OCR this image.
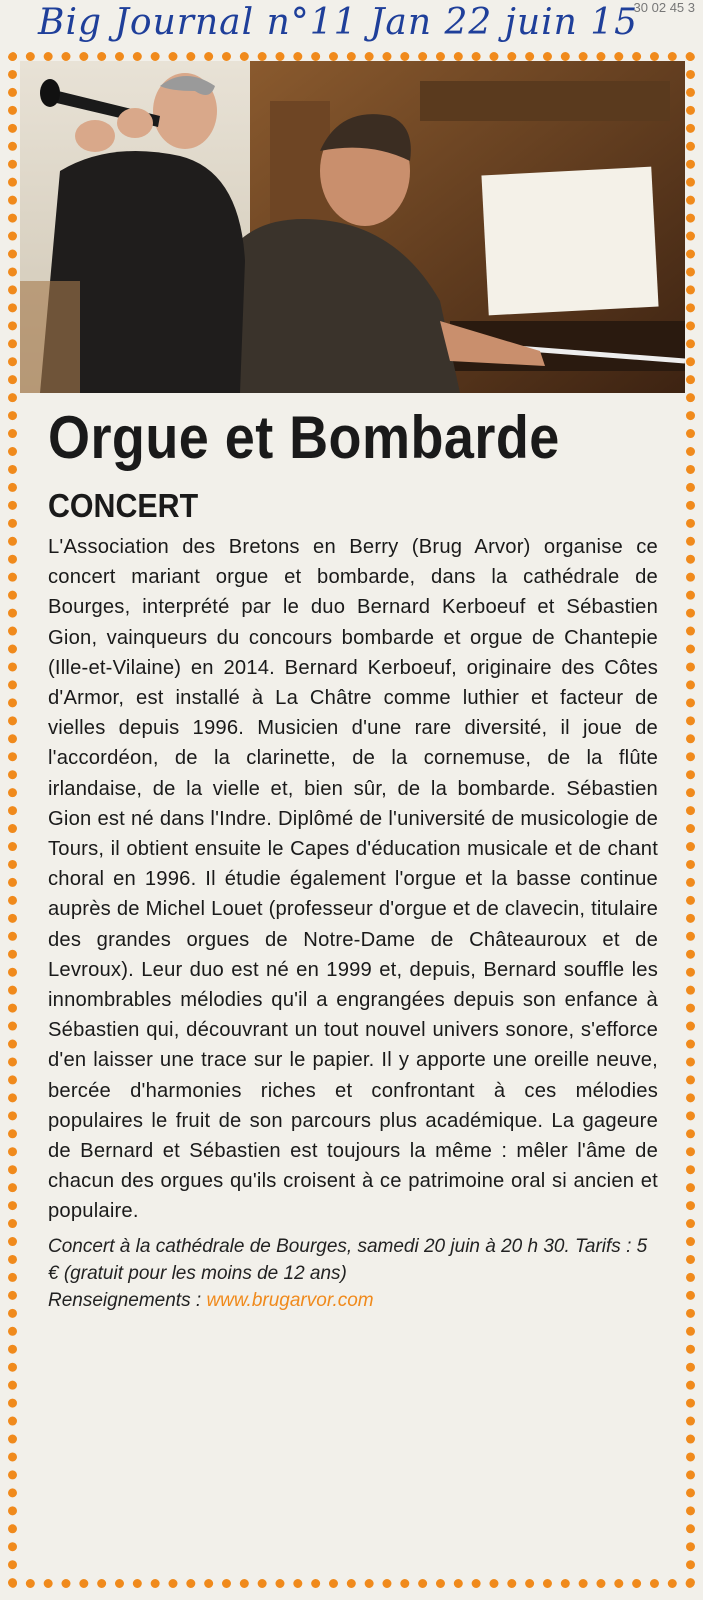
Big Journal n°11 Jan 22 juin 15
30 02 45 3
Orgue et Bombarde
CONCERT

L'Association des Bretons en Berry (Brug Arvor) organise ce concert mariant orgue et bombarde, dans la cathédrale de Bourges, interprété par le duo Bernard Kerboeuf et Sébastien Gion, vainqueurs du concours bombarde et orgue de Chantepie (Ille-et-Vilaine) en 2014. Bernard Kerboeuf, originaire des Côtes d'Armor, est installé à La Châtre comme luthier et facteur de vielles depuis 1996. Musicien d'une rare diversité, il joue de l'accordéon, de la clarinette, de la cornemuse, de la flûte irlandaise, de la vielle et, bien sûr, de la bombarde. Sébastien Gion est né dans l'Indre. Diplômé de l'université de musicologie de Tours, il obtient ensuite le Capes d'éducation musicale et de chant choral en 1996. Il étudie également l'orgue et la basse continue auprès de Michel Louet (professeur d'orgue et de clavecin, titulaire des grandes orgues de Notre-Dame de Châteauroux et de Levroux). Leur duo est né en 1999 et, depuis, Bernard souffle les innombrables mélodies qu'il a engrangées depuis son enfance à Sébastien qui, découvrant un tout nouvel univers sonore, s'efforce d'en laisser une trace sur le papier. Il y apporte une oreille neuve, bercée d'harmonies riches et confrontant à ces mélodies populaires le fruit de son parcours plus académique. La gageure de Bernard et Sébastien est toujours la même : mêler l'âme de chacun des orgues qu'ils croisent à ce patrimoine oral si ancien et populaire.

Concert à la cathédrale de Bourges, samedi 20 juin à 20 h 30. Tarifs : 5 € (gratuit pour les moins de 12 ans)
Renseignements : www.brugarvor.com
